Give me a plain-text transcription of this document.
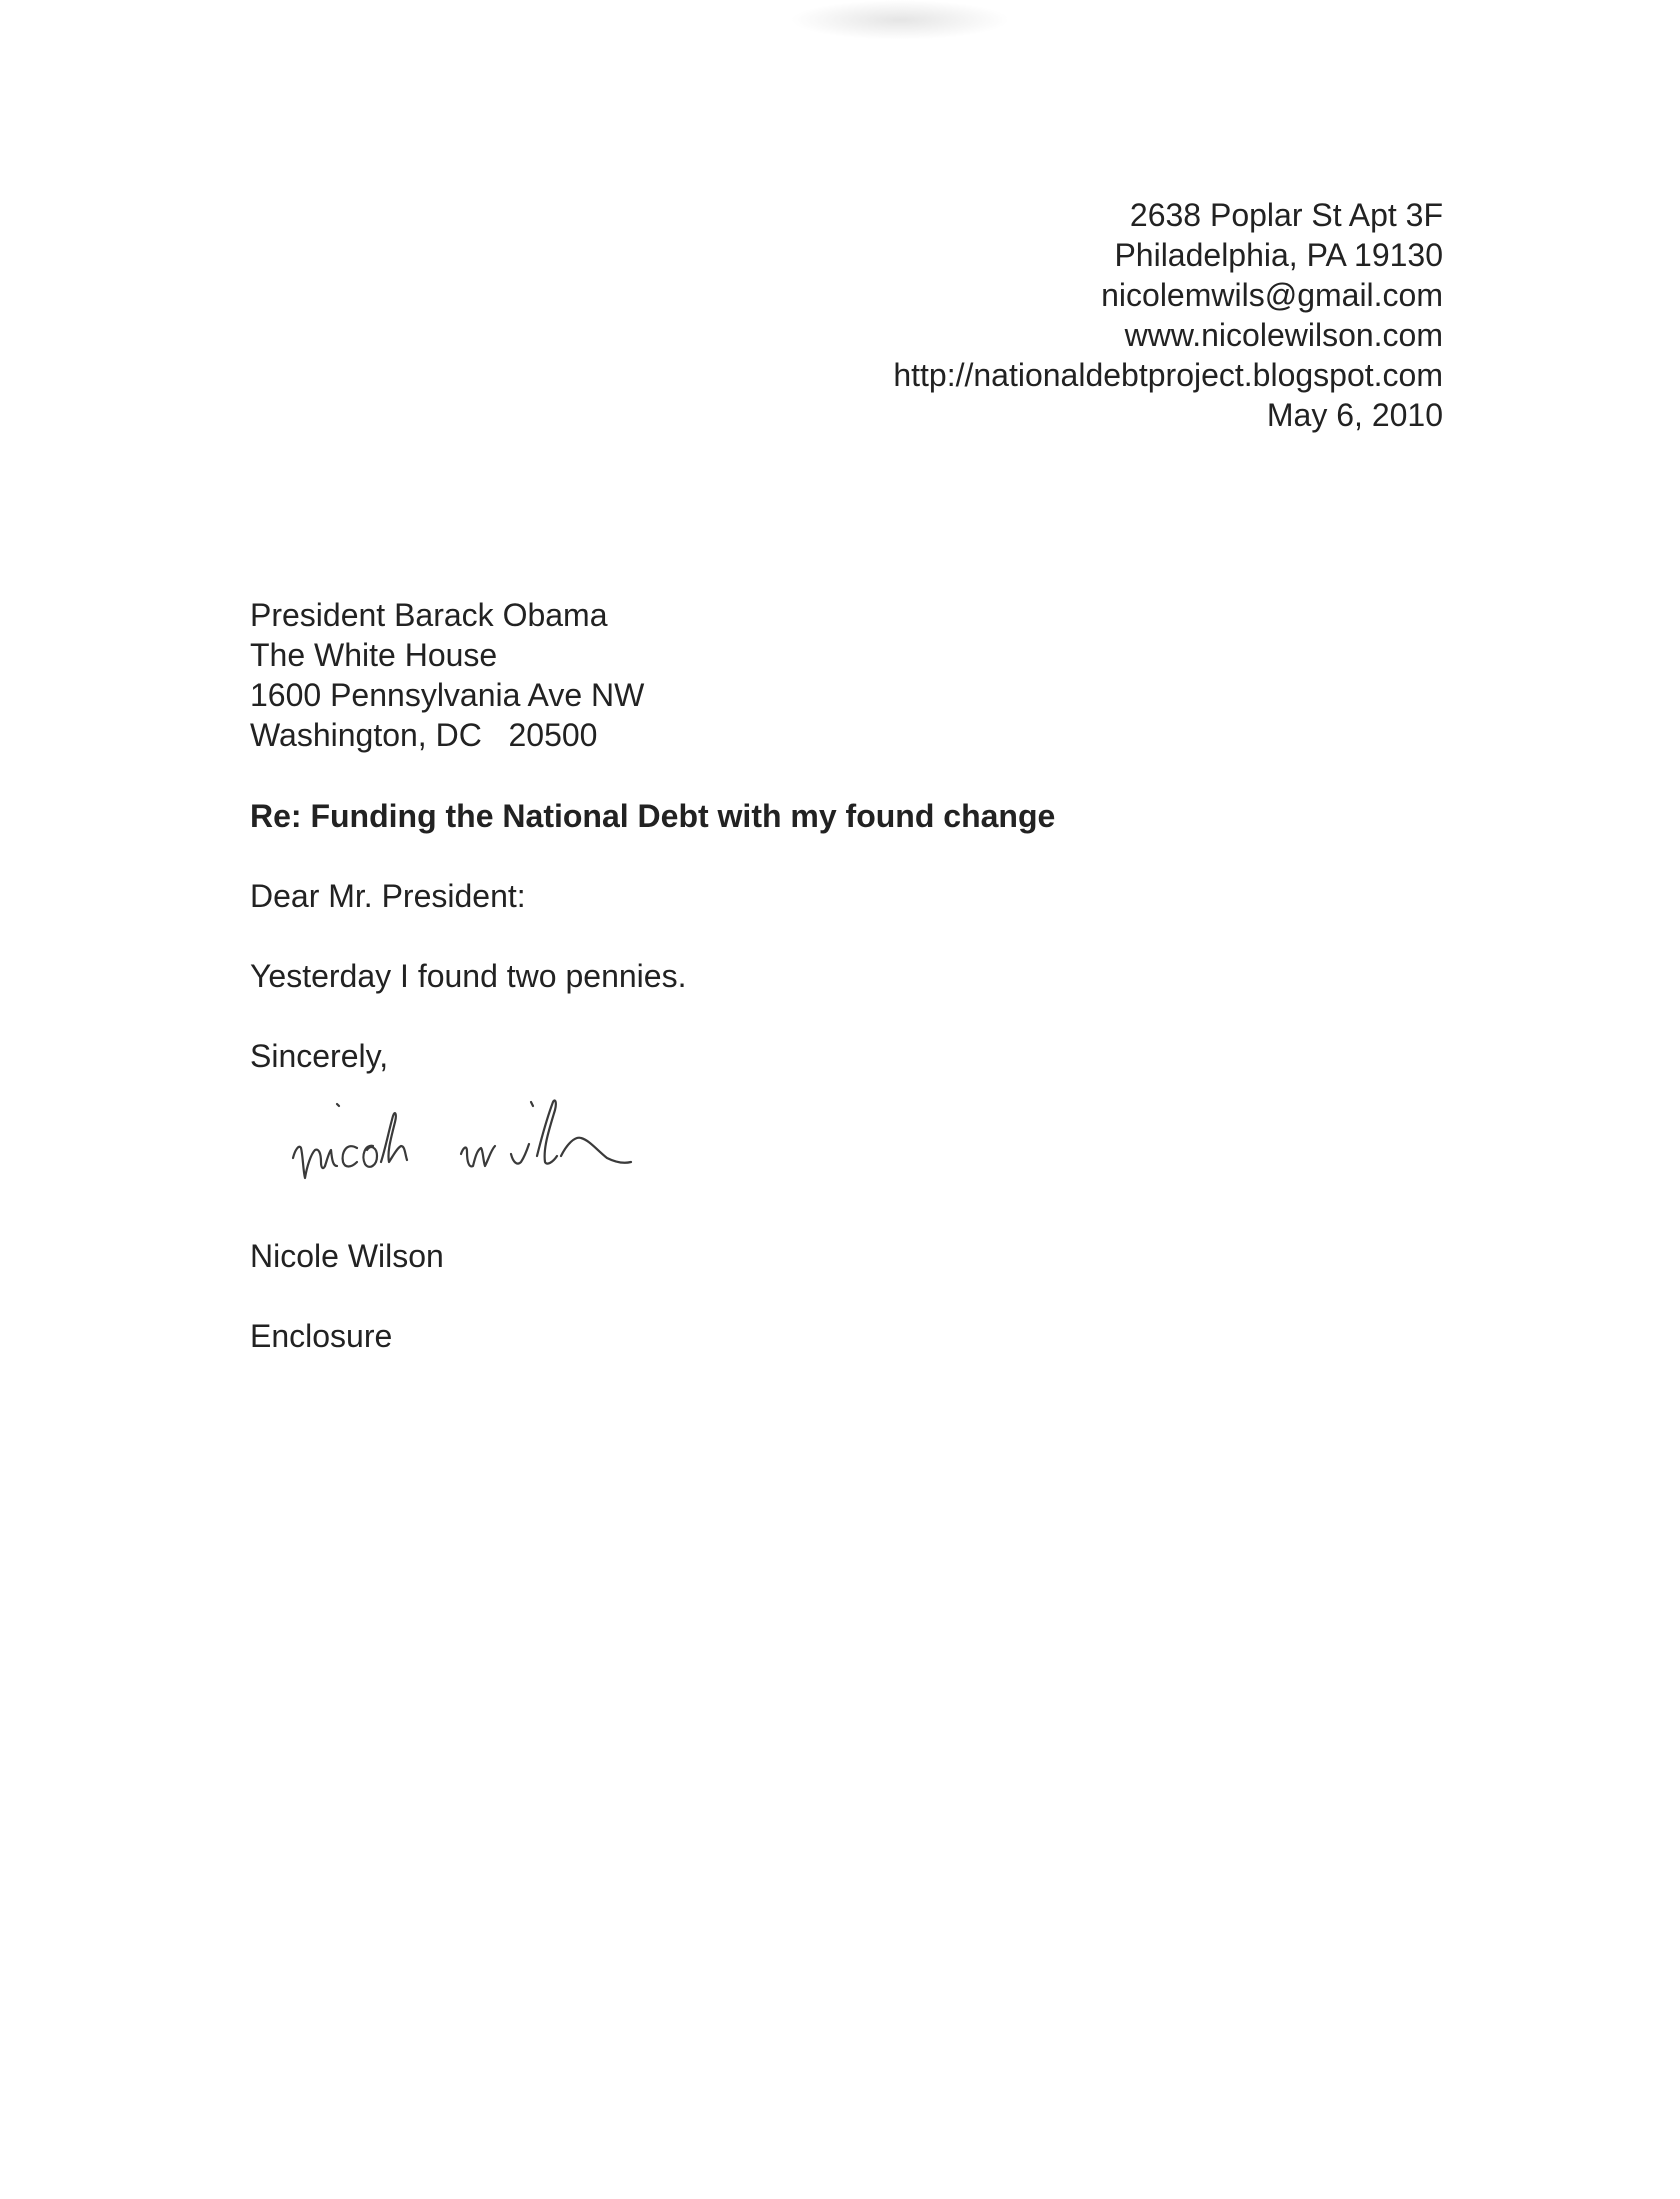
2638 Poplar St Apt 3F
Philadelphia, PA 19130
nicolemwils@gmail.com
www.nicolewilson.com
http://nationaldebtproject.blogspot.com
May 6, 2010
President Barack Obama
The White House
1600 Pennsylvania Ave NW
Washington, DC   20500
Re: Funding the National Debt with my found change
Dear Mr. President:
Yesterday I found two pennies.
Sincerely,
Nicole Wilson
Enclosure
